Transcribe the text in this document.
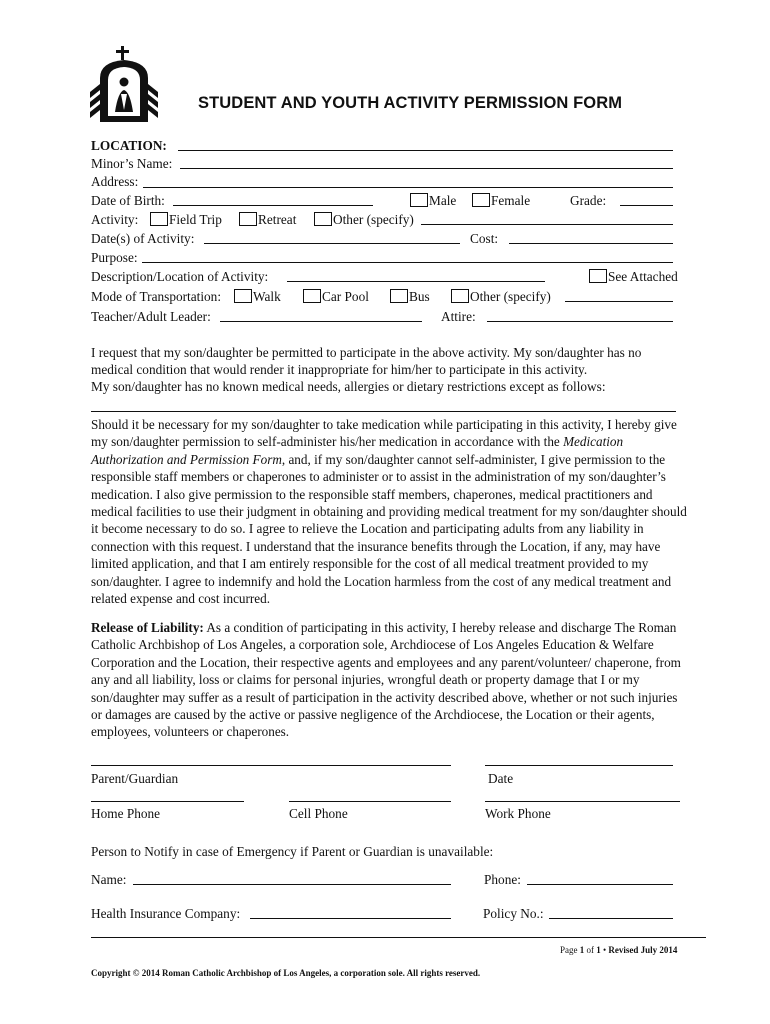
STUDENT AND YOUTH ACTIVITY PERMISSION FORM
LOCATION:
Minor’s Name:
Address:
Date of Birth:	Male	Female	Grade:
Activity: Field Trip	Retreat	Other (specify)
Date(s) of Activity:	Cost:
Purpose:
Description/Location of Activity:	See Attached
Mode of Transportation: Walk	Car Pool	Bus	Other (specify)
Teacher/Adult Leader:	Attire:
I request that my son/daughter be permitted to participate in the above activity. My son/daughter has no
medical condition that would render it inappropriate for him/her to participate in this activity.
My son/daughter has no known medical needs, allergies or dietary restrictions except as follows:

Should it be necessary for my son/daughter to take medication while participating in this activity, I hereby give my son/daughter permission to self-administer his/her medication in accordance with the Medication Authorization and Permission Form, and, if my son/daughter cannot self-administer, I give permission to the responsible staff members or chaperones to administer or to assist in the administration of my son/daughter’s medication. I also give permission to the responsible staff members, chaperones, medical practitioners and medical facilities to use their judgment in obtaining and providing medical treatment for my son/daughter should it become necessary to do so. I agree to relieve the Location and participating adults from any liability in connection with this request. I understand that the insurance benefits through the Location, if any, may have limited application, and that I am entirely responsible for the cost of all medical treatment provided to my son/daughter. I agree to indemnify and hold the Location harmless from the cost of any medical treatment and related expense and cost incurred.

Release of Liability: As a condition of participating in this activity, I hereby release and discharge The Roman Catholic Archbishop of Los Angeles, a corporation sole, Archdiocese of Los Angeles Education & Welfare Corporation and the Location, their respective agents and employees and any parent/volunteer/ chaperone, from any and all liability, loss or claims for personal injuries, wrongful death or property damage that I or my son/daughter may suffer as a result of participation in the activity described above, whether or not such injuries or damages are caused by the active or passive negligence of the Archdiocese, the Location or their agents, employees, volunteers or chaperones.

Parent/Guardian	Date
Home Phone	Cell Phone	Work Phone
Person to Notify in case of Emergency if Parent or Guardian is unavailable:
Name:	Phone:
Health Insurance Company:	Policy No.:
Page 1 of 1 • Revised July 2014
Copyright © 2014 Roman Catholic Archbishop of Los Angeles, a corporation sole. All rights reserved.
